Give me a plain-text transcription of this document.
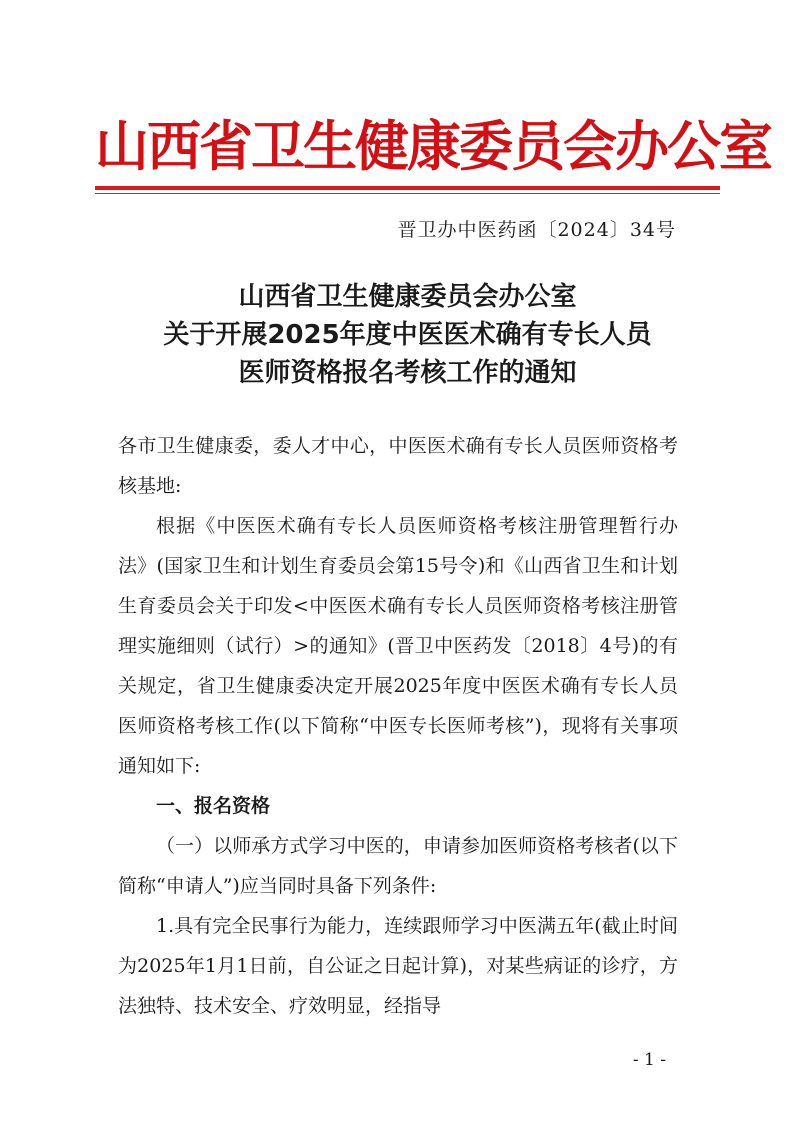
山西省卫生健康委员会办公室

晋卫办中医药函〔2024〕34号

山西省卫生健康委员会办公室
关于开展2025年度中医医术确有专长人员
医师资格报名考核工作的通知

各市卫生健康委，委人才中心，中医医术确有专长人员医师资格考核基地:

根据《中医医术确有专长人员医师资格考核注册管理暂行办法》(国家卫生和计划生育委员会第15号令)和《山西省卫生和计划生育委员会关于印发<中医医术确有专长人员医师资格考核注册管理实施细则（试行）>的通知》(晋卫中医药发〔2018〕4号)的有关规定，省卫生健康委决定开展2025年度中医医术确有专长人员医师资格考核工作(以下简称“中医专长医师考核”)，现将有关事项通知如下:

一、报名资格

（一）以师承方式学习中医的，申请参加医师资格考核者(以下简称“申请人”)应当同时具备下列条件:

1.具有完全民事行为能力，连续跟师学习中医满五年(截止时间为2025年1月1日前，自公证之日起计算)，对某些病证的诊疗，方法独特、技术安全、疗效明显，经指导

- 1 -
